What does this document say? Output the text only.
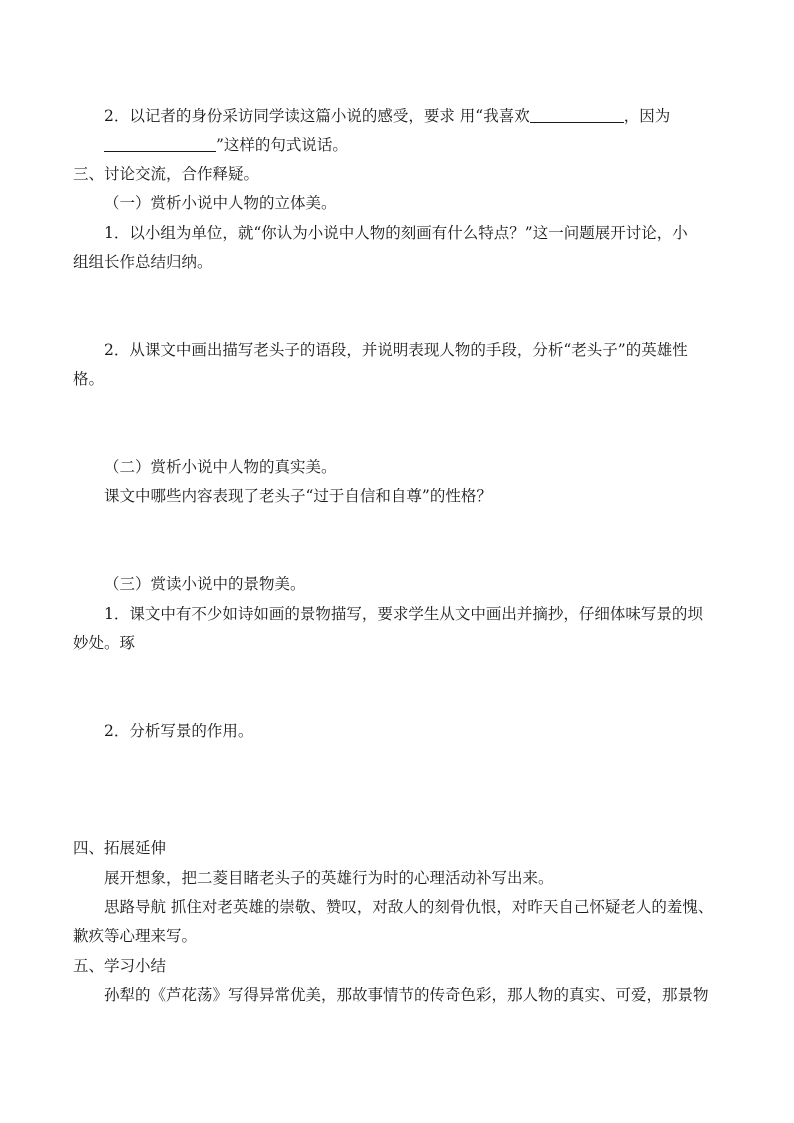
2．以记者的身份采访同学读这篇小说的感受，要求 用“我喜欢	，因为
”这样的句式说话。
三、讨论交流，合作释疑。
（一）赏析小说中人物的立体美。
1．以小组为单位，就“你认为小说中人物的刻画有什么特点？”这一问题展开讨论，小
组组长作总结归纳。
2．从课文中画出描写老头子的语段，并说明表现人物的手段，分析“老头子”的英雄性
格。
（二）赏析小说中人物的真实美。
课文中哪些内容表现了老头子“过于自信和自尊”的性格？
（三）赏读小说中的景物美。
1．课文中有不少如诗如画的景物描写，要求学生从文中画出并摘抄，仔细体味写景的坝
妙处。琢
2．分析写景的作用。
四、拓展延伸
展开想象，把二菱目睹老头子的英雄行为时的心理活动补写出来。
思路导航 抓住对老英雄的崇敬、赞叹，对敌人的刻骨仇恨，对昨天自己怀疑老人的羞愧、
歉疚等心理来写。
五、学习小结
孙犁的《芦花荡》写得异常优美，那故事情节的传奇色彩，那人物的真实、可爱，那景物
